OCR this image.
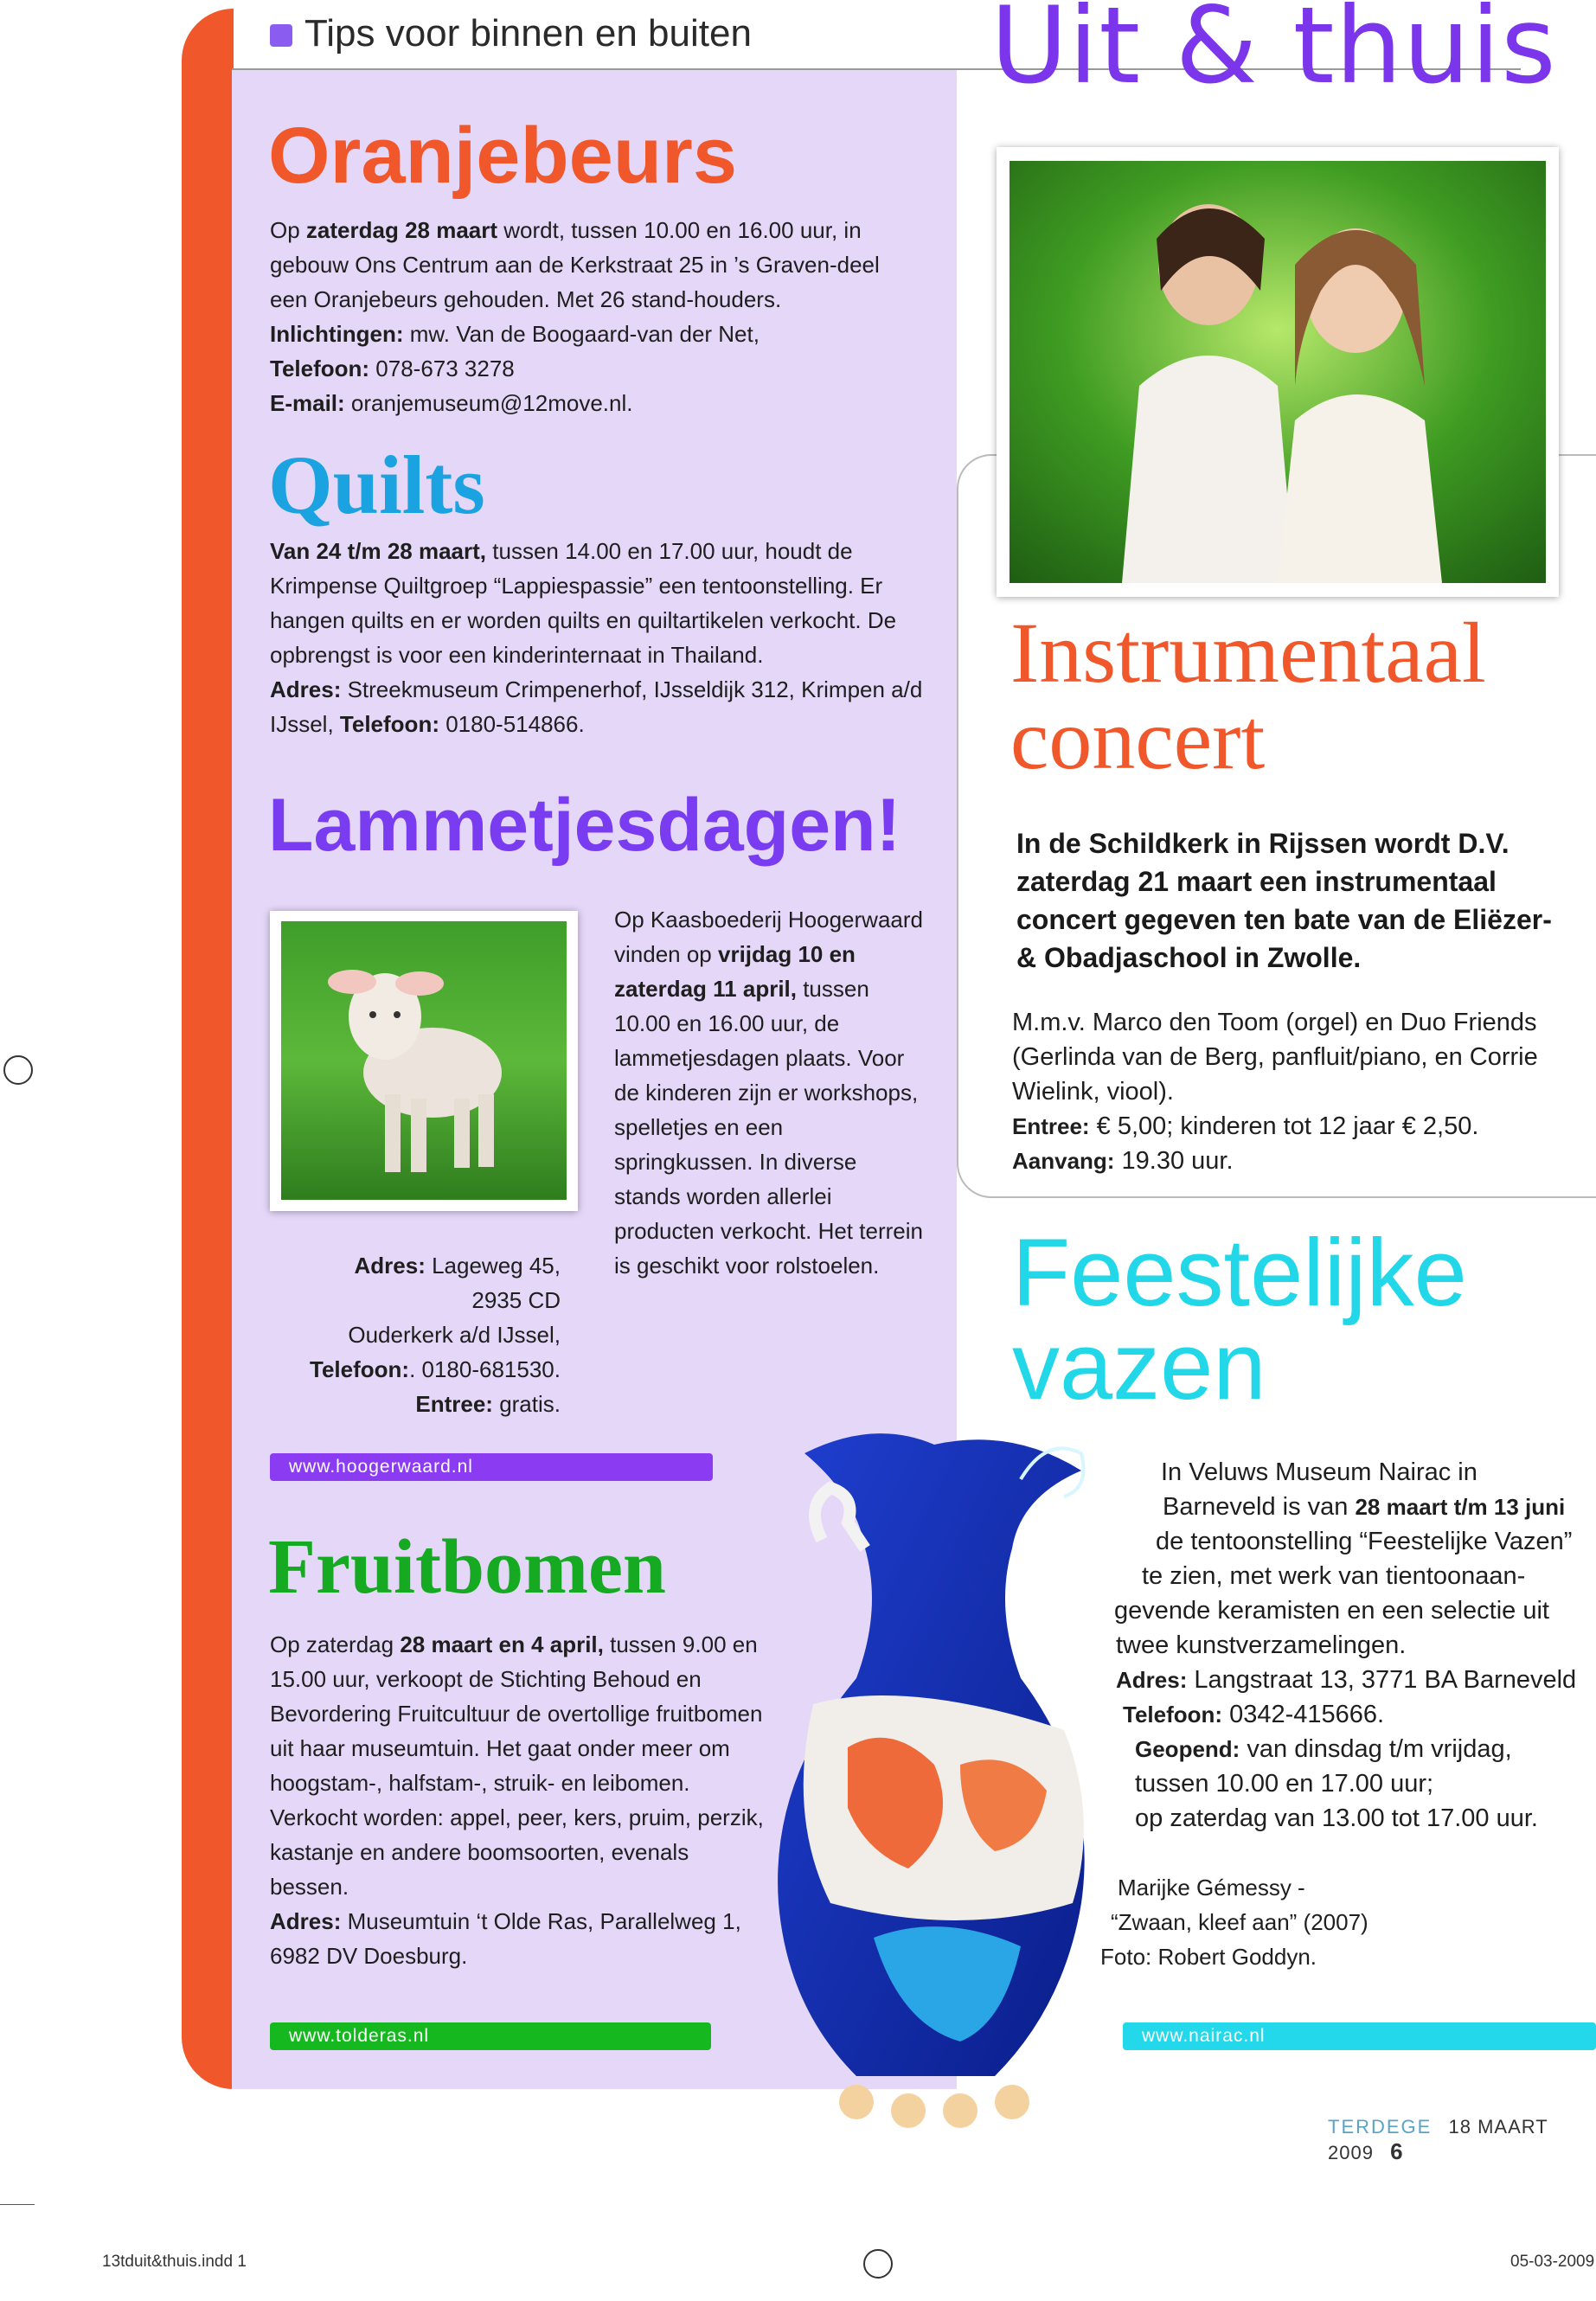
Tips voor binnen en buiten Uit & thuis
Oranjebeurs
Op zaterdag 28 maart wordt, tussen 10.00 en 16.00 uur, in gebouw Ons Centrum aan de Kerkstraat 25 in ’s Graven-deel een Oranjebeurs gehouden. Met 26 stand-houders.
Inlichtingen: mw. Van de Boogaard-van der Net,
Telefoon: 078-673 3278
E-mail: oranjemuseum@12move.nl.
Quilts
Van 24 t/m 28 maart, tussen 14.00 en 17.00 uur, houdt de Krimpense Quiltgroep “Lappiespassie” een tentoonstelling. Er hangen quilts en er worden quilts en quiltartikelen verkocht. De opbrengst is voor een kinderinternaat in Thailand.
Adres: Streekmuseum Crimpenerhof, IJsseldijk 312, Krimpen a/d IJssel, Telefoon: 0180-514866.
Lammetjesdagen!
Op Kaasboederij Hoogerwaard vinden op vrijdag 10 en zaterdag 11 april, tussen 10.00 en 16.00 uur, de lammetjesdagen plaats. Voor de kinderen zijn er workshops, spelletjes en een springkussen. In diverse stands worden allerlei producten verkocht. Het terrein is geschikt voor rolstoelen.
Adres: Lageweg 45,
2935 CD
Ouderkerk a/d IJssel,
Telefoon:. 0180-681530.
Entree: gratis.
www.hoogerwaard.nl
Fruitbomen
Op zaterdag 28 maart en 4 april, tussen 9.00 en 15.00 uur, verkoopt de Stichting Behoud en Bevordering Fruitcultuur de overtollige fruitbomen uit haar museumtuin. Het gaat onder meer om hoogstam-, halfstam-, struik- en leibomen. Verkocht worden: appel, peer, kers, pruim, perzik, kastanje en andere boomsoorten, evenals bessen.
Adres: Museumtuin ‘t Olde Ras, Parallelweg 1, 6982 DV Doesburg.
www.tolderas.nl
Instrumentaal
concert
In de Schildkerk in Rijssen wordt D.V. zaterdag 21 maart een instrumentaal concert gegeven ten bate van de Eliëzer- & Obadjaschool in Zwolle.
M.m.v. Marco den Toom (orgel) en Duo Friends (Gerlinda van de Berg, panfluit/piano, en Corrie Wielink, viool).
Entree: € 5,00; kinderen tot 12 jaar € 2,50.
Aanvang: 19.30 uur.
Feestelijke
vazen
In Veluws Museum Nairac in
Barneveld is van 28 maart t/m 13 juni
de tentoonstelling “Feestelijke Vazen”
te zien, met werk van tientoonaan-
gevende keramisten en een selectie uit
twee kunstverzamelingen.
Adres: Langstraat 13, 3771 BA Barneveld
Telefoon: 0342-415666.
Geopend: van dinsdag t/m vrijdag,
tussen 10.00 en 17.00 uur;
op zaterdag van 13.00 tot 17.00 uur.
Marijke Gémessy -
“Zwaan, kleef aan” (2007)
Foto: Robert Goddyn.
www.nairac.nl
TERDEGE 18 MAART 2009 6
13tduit&thuis.indd 1	05-03-2009
